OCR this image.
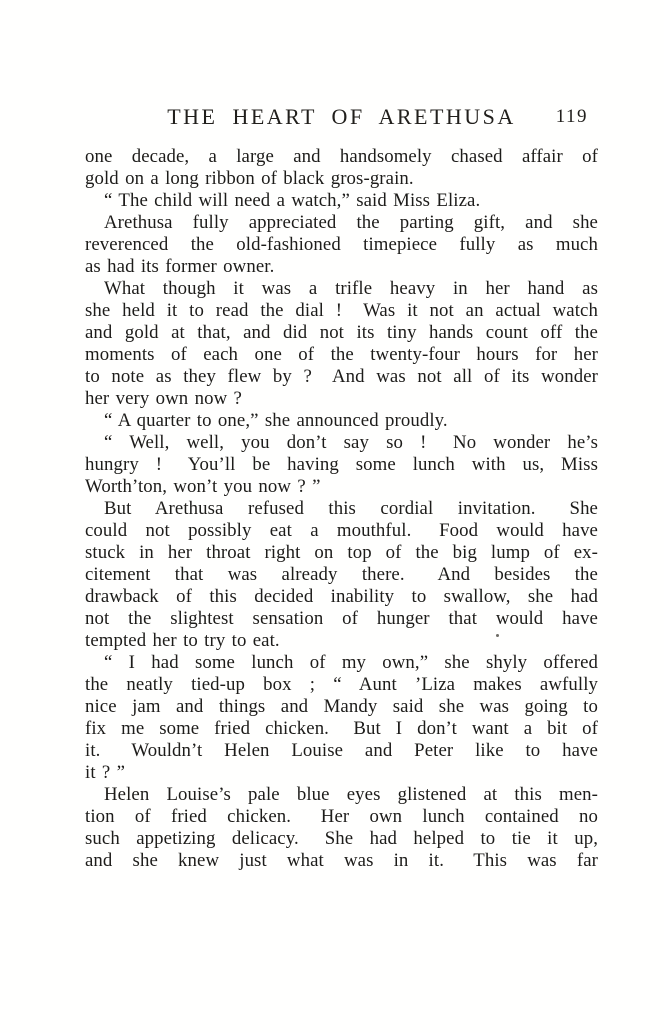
THE HEART OF ARETHUSA 119
one decade, a large and handsomely chased affair of
gold on a long ribbon of black gros-grain.
“ The child will need a watch,” said Miss Eliza.
Arethusa fully appreciated the parting gift, and she
reverenced the old-fashioned timepiece fully as much
as had its former owner.
What though it was a trifle heavy in her hand as
she held it to read the dial !  Was it not an actual watch
and gold at that, and did not its tiny hands count off the
moments of each one of the twenty-four hours for her
to note as they flew by ?  And was not all of its wonder
her very own now ?
“ A quarter to one,” she announced proudly.
“ Well, well, you don’t say so !  No wonder he’s
hungry !  You’ll be having some lunch with us, Miss
Worth’ton, won’t you now ? ”
But Arethusa refused this cordial invitation.  She
could not possibly eat a mouthful.  Food would have
stuck in her throat right on top of the big lump of ex-
citement that was already there.  And besides the
drawback of this decided inability to swallow, she had
not the slightest sensation of hunger that would have
tempted her to try to eat.
“ I had some lunch of my own,” she shyly offered
the neatly tied-up box ; “ Aunt ’Liza makes awfully
nice jam and things and Mandy said she was going to
fix me some fried chicken.  But I don’t want a bit of
it.  Wouldn’t Helen Louise and Peter like to have
it ? ”
Helen Louise’s pale blue eyes glistened at this men-
tion of fried chicken.  Her own lunch contained no
such appetizing delicacy.  She had helped to tie it up,
and she knew just what was in it.  This was far
